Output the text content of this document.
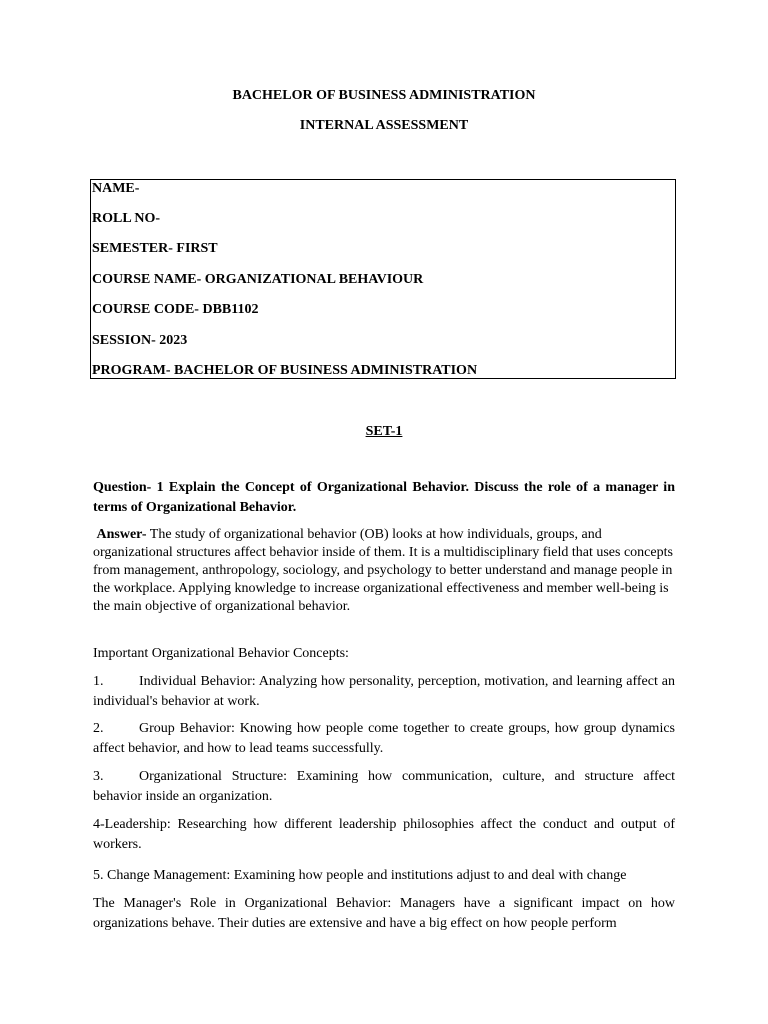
BACHELOR OF BUSINESS ADMINISTRATION
INTERNAL ASSESSMENT
NAME-
ROLL NO-
SEMESTER- FIRST
COURSE NAME- ORGANIZATIONAL BEHAVIOUR
COURSE CODE- DBB1102
SESSION- 2023
PROGRAM- BACHELOR OF BUSINESS ADMINISTRATION
SET-1
Question- 1 Explain the Concept of Organizational Behavior. Discuss the role of a manager in terms of Organizational Behavior.
Answer- The study of organizational behavior (OB) looks at how individuals, groups, and organizational structures affect behavior inside of them. It is a multidisciplinary field that uses concepts from management, anthropology, sociology, and psychology to better understand and manage people in the workplace. Applying knowledge to increase organizational effectiveness and member well-being is the main objective of organizational behavior.
Important Organizational Behavior Concepts:
1.	Individual Behavior: Analyzing how personality, perception, motivation, and learning affect an individual's behavior at work.
2.	Group Behavior: Knowing how people come together to create groups, how group dynamics affect behavior, and how to lead teams successfully.
3.	Organizational Structure: Examining how communication, culture, and structure affect behavior inside an organization.
4-Leadership: Researching how different leadership philosophies affect the conduct and output of workers.
5. Change Management: Examining how people and institutions adjust to and deal with change
The Manager's Role in Organizational Behavior: Managers have a significant impact on how organizations behave. Their duties are extensive and have a big effect on how people perform
